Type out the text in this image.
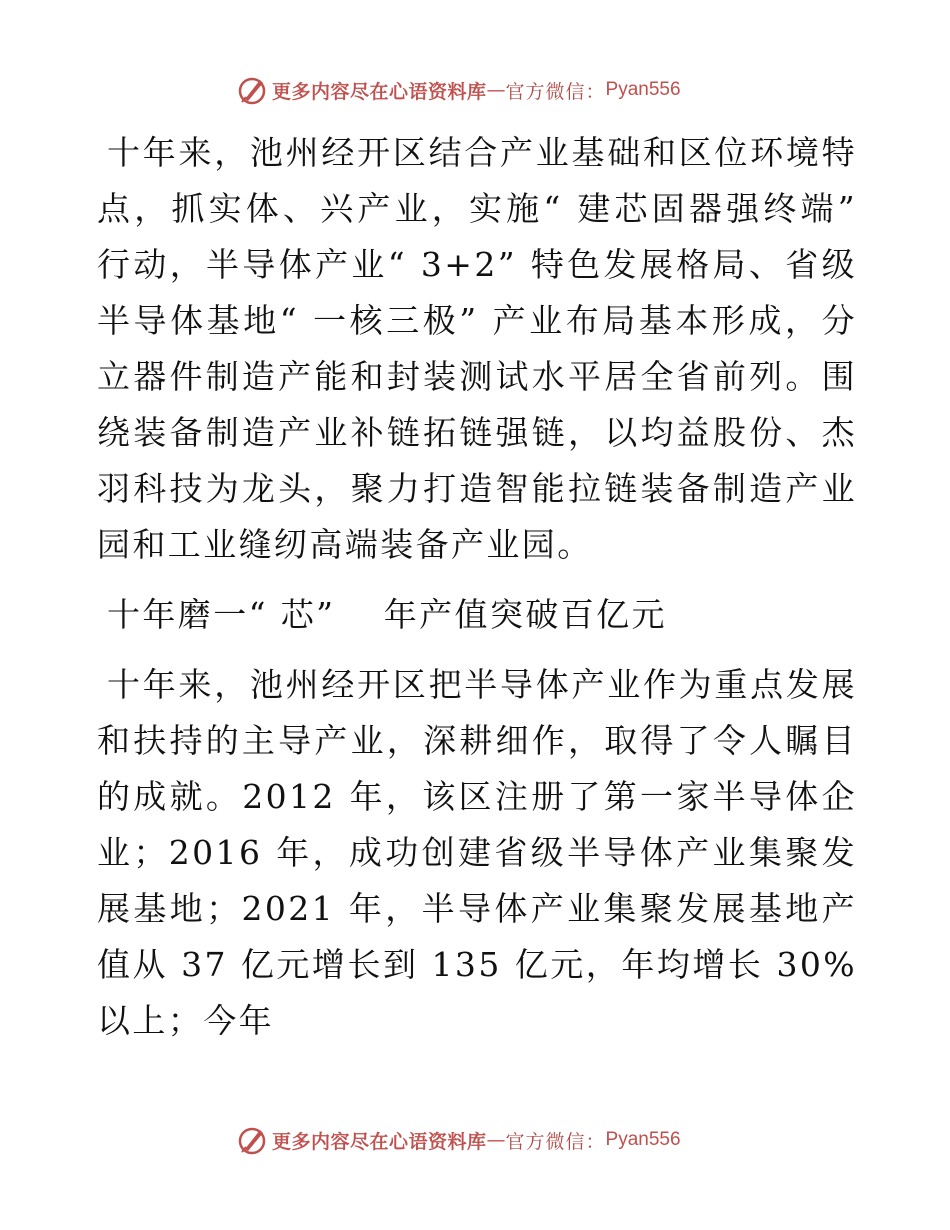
更多内容尽在心语资料库 — 官方微信： Pyan556

十年来，池州经开区结合产业基础和区位环境特点，抓实体、兴产业，实施“ 建芯固器强终端” 行动，半导体产业“ 3+2” 特色发展格局、省级半导体基地“ 一核三极” 产业布局基本形成，分立器件制造产能和封装测试水平居全省前列。围绕装备制造产业补链拓链强链，以均益股份、杰羽科技为龙头，聚力打造智能拉链装备制造产业园和工业缝纫高端装备产业园。

十年磨一“ 芯”　 年产值突破百亿元

十年来，池州经开区把半导体产业作为重点发展和扶持的主导产业，深耕细作，取得了令人瞩目的成就。2012 年，该区注册了第一家半导体企业；2016 年，成功创建省级半导体产业集聚发展基地；2021 年，半导体产业集聚发展基地产值从 37 亿元增长到 135 亿元，年均增长 30%以上；今年

更多内容尽在心语资料库 — 官方微信： Pyan556
